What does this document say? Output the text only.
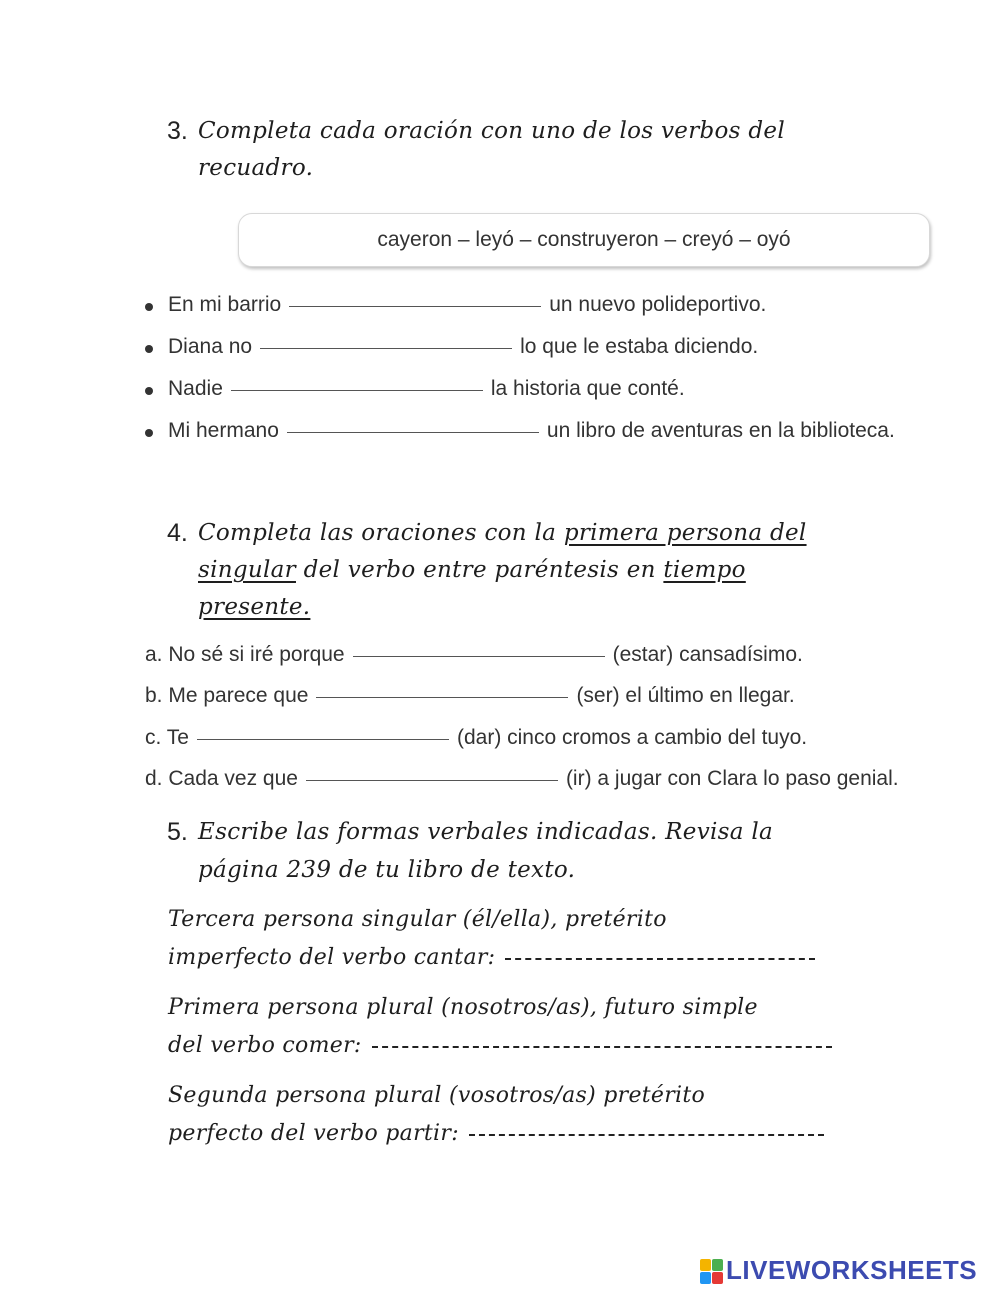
3. Completa cada oración con uno de los verbos del
recuadro.
cayeron – leyó – construyeron – creyó – oyó
En mi barrio	un nuevo polideportivo.
Diana no	lo que le estaba diciendo.
Nadie	la historia que conté.
Mi hermano	un libro de aventuras en la biblioteca.
4. Completa las oraciones con la primera persona del
singular del verbo entre paréntesis en tiempo
presente.
a. No sé si iré porque	(estar) cansadísimo.
b. Me parece que	(ser) el último en llegar.
c. Te	(dar) cinco cromos a cambio del tuyo.
d. Cada vez que	(ir) a jugar con Clara lo paso genial.
5. Escribe las formas verbales indicadas. Revisa la
página 239 de tu libro de texto.
Tercera persona singular (él/ella), pretérito
imperfecto del verbo cantar:
Primera persona plural (nosotros/as), futuro simple
del verbo comer:
Segunda persona plural (vosotros/as) pretérito
perfecto del verbo partir:
LIVEWORKSHEETS
